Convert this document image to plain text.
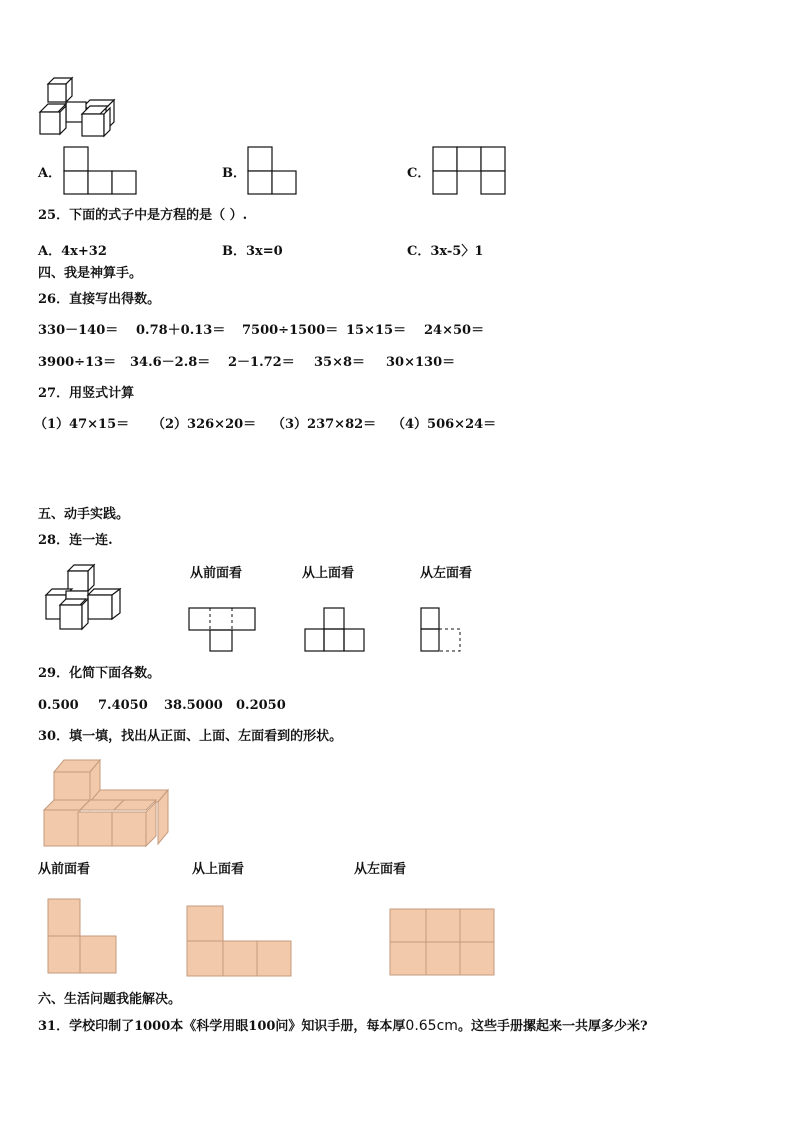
A．	B．	C．
25．下面的式子中是方程的是（ ）.
A．4x+32	B．3x=0	C．3x-5〉1
四、我是神算手。
26．直接写出得数。
330－140＝ 0.78＋0.13＝ 7500÷1500＝ 15×15＝ 24×50＝
3900÷13＝ 34.6－2.8＝ 2－1.72＝ 35×8＝ 30×130＝
27．用竖式计算
（1）47×15＝ （2）326×20＝ （3）237×82＝ （4）506×24＝
五、动手实践。
28．连一连.
从前面看	从上面看	从左面看
29．化简下面各数。
0.500 7.4050 38.5000 0.2050
30．填一填，找出从正面、上面、左面看到的形状。
从前面看	从上面看	从左面看
六、生活问题我能解决。
31．学校印制了1000本《科学用眼100问》知识手册，每本厚0.65cm。这些手册摞起来一共厚多少米?
